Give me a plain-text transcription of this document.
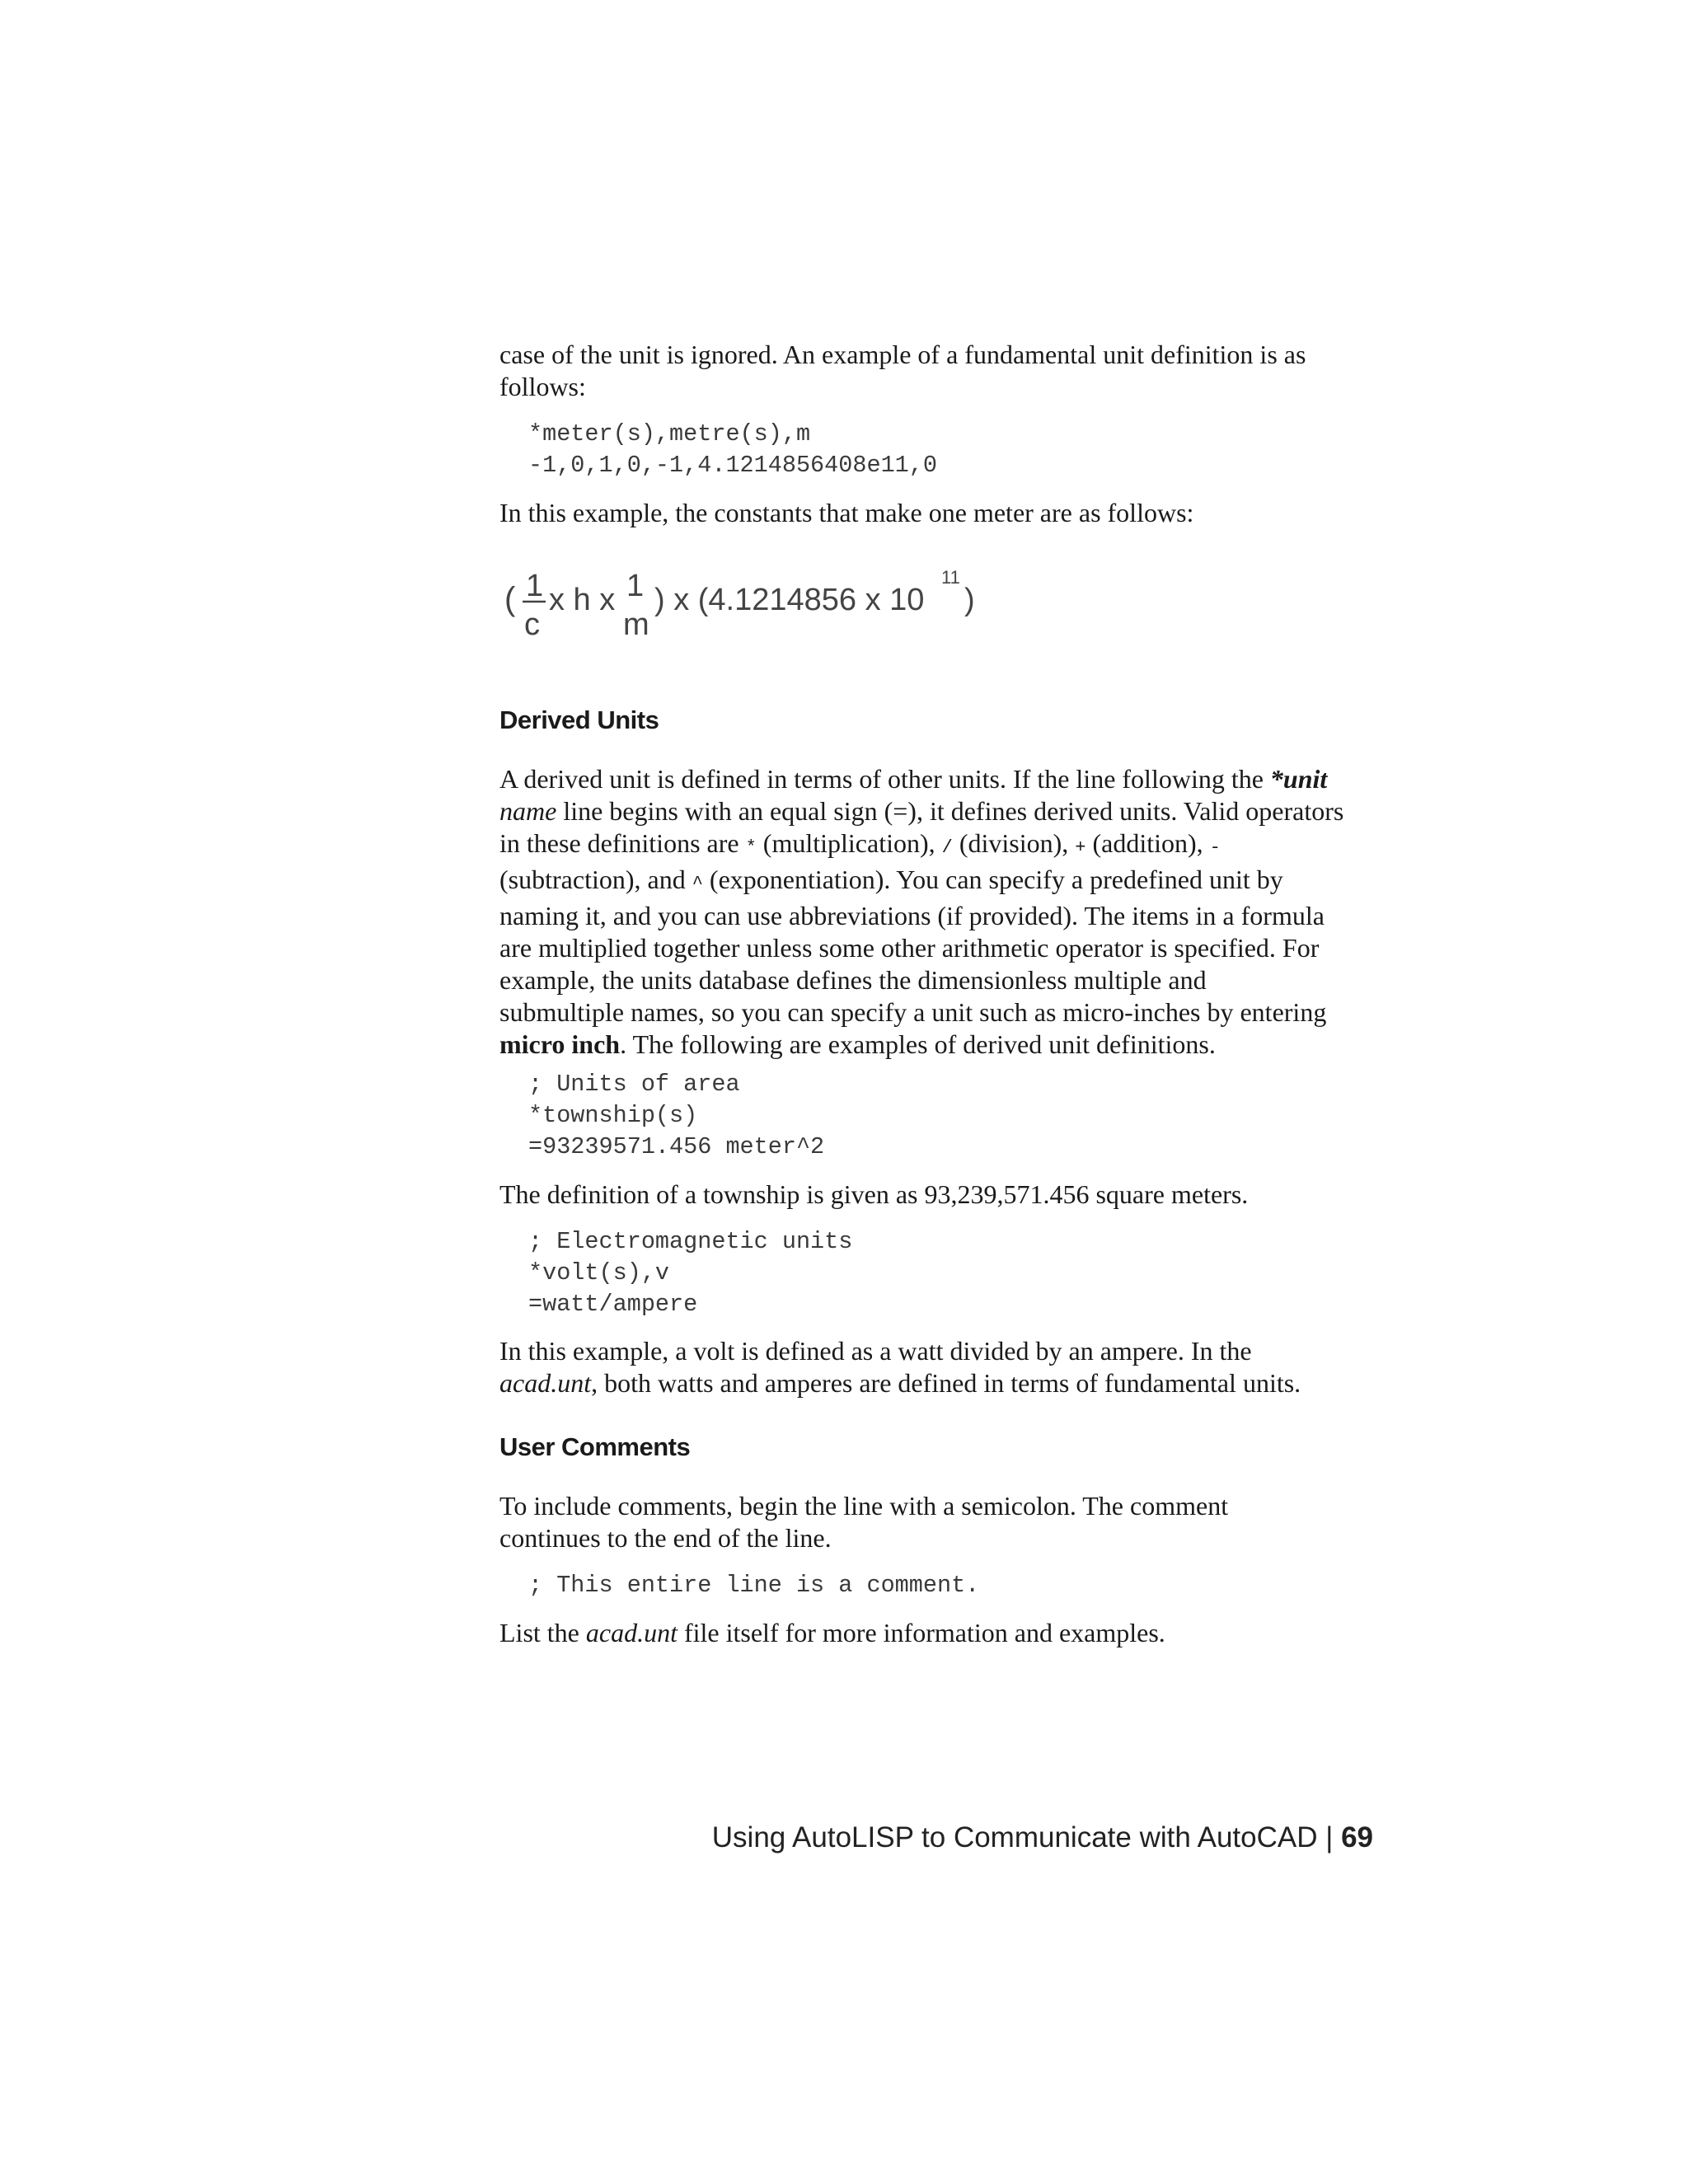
case of the unit is ignored. An example of a fundamental unit definition is as

follows:

*meter(s),metre(s),m

-1,0,1,0,-1,4.1214856408e11,0

In this example, the constants that make one meter are as follows:

( 1
c
x h x 1
m
) x (4.1214856 x 10
11
)

Derived Units

A derived unit is defined in terms of other units. If the line following the *unit

name line begins with an equal sign (=), it defines derived units. Valid operators

in these definitions are * (multiplication), / (division), + (addition), -

(subtraction), and ^ (exponentiation). You can specify a predefined unit by

naming it, and you can use abbreviations (if provided). The items in a formula

are multiplied together unless some other arithmetic operator is specified. For

example, the units database defines the dimensionless multiple and

submultiple names, so you can specify a unit such as micro-inches by entering

micro inch. The following are examples of derived unit definitions.

; Units of area

*township(s)

=93239571.456 meter^2

The definition of a township is given as 93,239,571.456 square meters.

; Electromagnetic units

*volt(s),v

=watt/ampere

In this example, a volt is defined as a watt divided by an ampere. In the

acad.unt, both watts and amperes are defined in terms of fundamental units.

User Comments

To include comments, begin the line with a semicolon. The comment

continues to the end of the line.

; This entire line is a comment.

List the acad.unt file itself for more information and examples.

Using AutoLISP to Communicate with AutoCAD | 69
